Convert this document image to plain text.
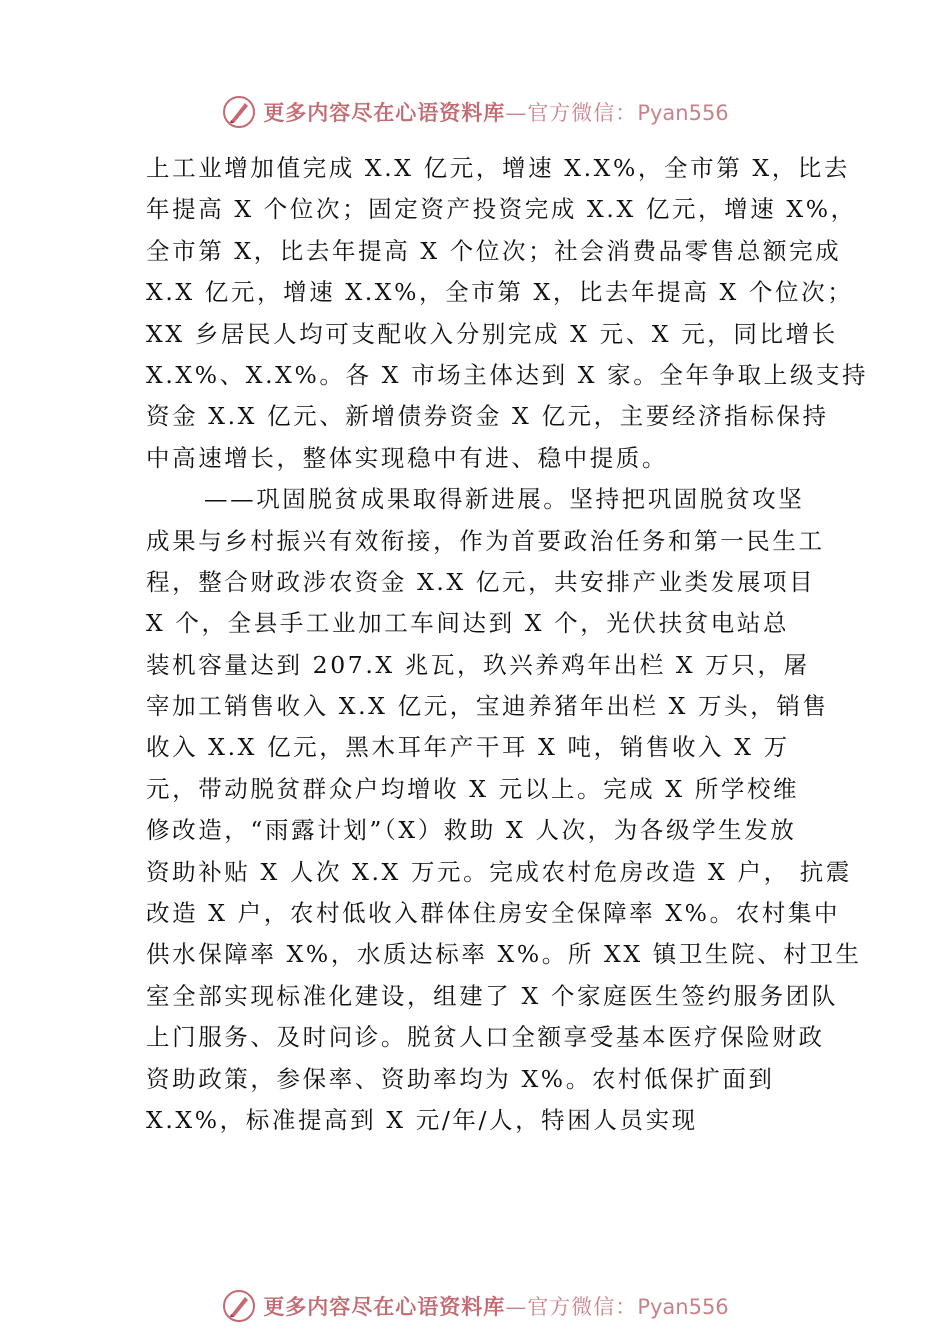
更多内容尽在心语资料库—官方微信：Pyan556
上工业增加值完成 X.X 亿元，增速 X.X%，全市第 X，比去
年提高 X 个位次；固定资产投资完成 X.X 亿元，增速 X%，
全市第 X，比去年提高 X 个位次；社会消费品零售总额完成
X.X 亿元，增速 X.X%，全市第 X，比去年提高 X 个位次；
XX 乡居民人均可支配收入分别完成 X 元、X 元，同比增长
X.X%、X.X%。各 X 市场主体达到 X 家。全年争取上级支持
资金 X.X 亿元、新增债券资金 X 亿元，主要经济指标保持
中高速增长，整体实现稳中有进、稳中提质。
——巩固脱贫成果取得新进展。坚持把巩固脱贫攻坚
成果与乡村振兴有效衔接，作为首要政治任务和第一民生工
程，整合财政涉农资金 X.X 亿元，共安排产业类发展项目
X 个，全县手工业加工车间达到 X 个，光伏扶贫电站总
装机容量达到 207.X 兆瓦，玖兴养鸡年出栏 X 万只，屠
宰加工销售收入 X.X 亿元，宝迪养猪年出栏 X 万头，销售
收入 X.X 亿元，黑木耳年产干耳 X 吨，销售收入 X 万
元，带动脱贫群众户均增收 X 元以上。完成 X 所学校维
修改造，“雨露计划”（X）救助 X 人次，为各级学生发放
资助补贴 X 人次 X.X 万元。完成农村危房改造 X 户， 抗震
改造 X 户，农村低收入群体住房安全保障率 X%。农村集中
供水保障率 X%，水质达标率 X%。所 XX 镇卫生院、村卫生
室全部实现标准化建设，组建了 X 个家庭医生签约服务团队
上门服务、及时问诊。脱贫人口全额享受基本医疗保险财政
资助政策，参保率、资助率均为 X%。农村低保扩面到
X.X%，标准提高到 X 元/年/人，特困人员实现
更多内容尽在心语资料库—官方微信：Pyan556
